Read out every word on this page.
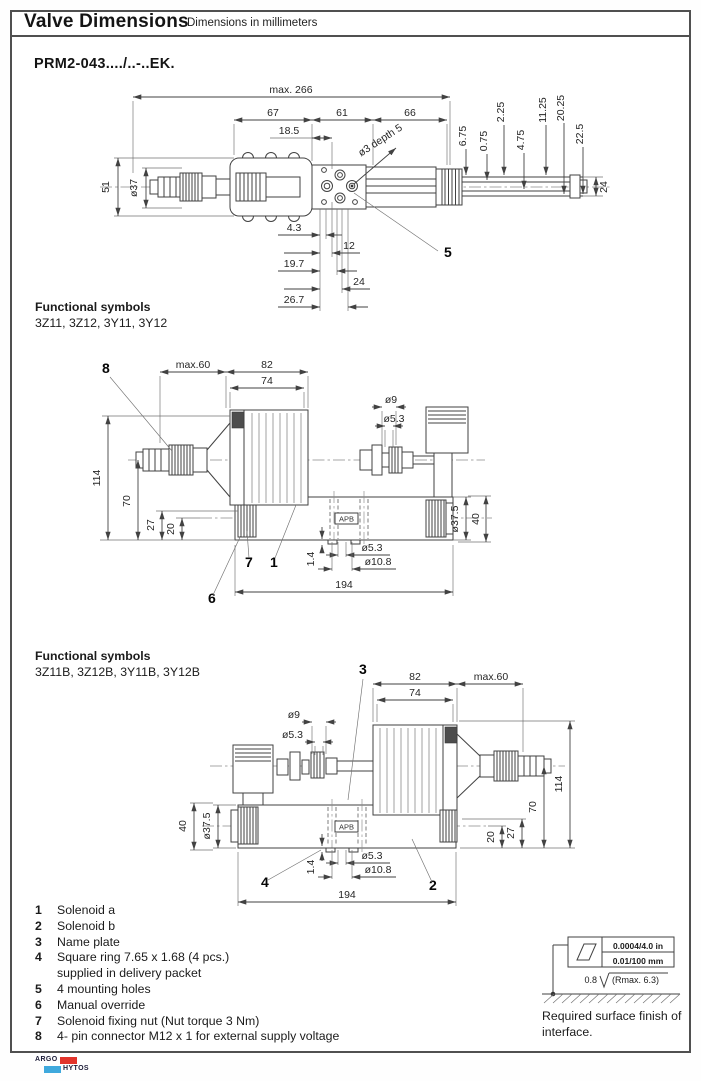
Valve Dimensions
Dimensions in millimeters
PRM2-043..../..-..EK.
max. 266
67	61	66
18.5
51 ø37
ø3 depth 5	6.75 0.75
2.25
4.75
11.25 20.25
22.5
24
4.3
12
19.7
24
26.7
5
Functional symbols
3Z11, 3Z12, 3Y11, 3Y12
APB
max.60	82
74
ø9
ø5.3
114
70
27 20	ø37.5 40
ø5.3
ø10.8
1.4
194
8
6
7 1
Functional symbols
3Z11B, 3Z12B, 3Y11B, 3Y12B
APB
82	max.60
74
ø9
ø5.3
114
70
27
20
ø37.5
40
ø5.3
ø10.8
1.4
194
3
4	2
1	Solenoid a
2	Solenoid b
3	Name plate
4	Square ring 7.65 x 1.68 (4 pcs.)
supplied in delivery packet
5	4 mounting holes
6	Manual override
7	Solenoid fixing nut (Nut torque 3 Nm)
8	4- pin connector M12 x 1 for external supply voltage
0.0004/4.0 in
0.01/100 mm
0.8 (Rmax. 6.3)
Required surface finish of
interface.
ARGO
HYTOS
